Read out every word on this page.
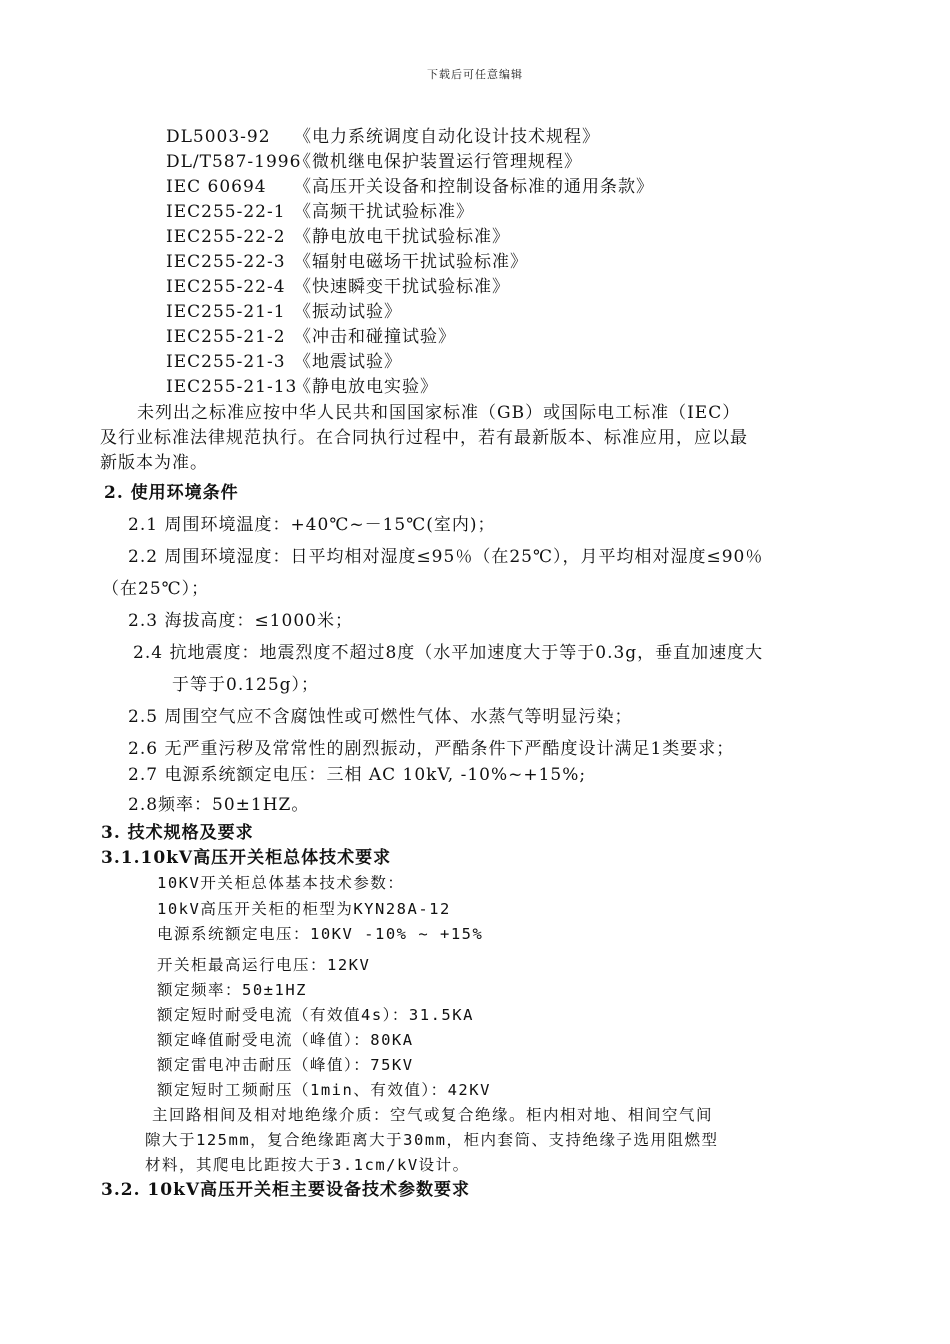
下载后可任意编辑
DL5003-92 《电力系统调度自动化设计技术规程》
DL/T587-1996《微机继电保护装置运行管理规程》
IEC 60694 《高压开关设备和控制设备标准的通用条款》
IEC255-22-1 《高频干扰试验标准》
IEC255-22-2 《静电放电干扰试验标准》
IEC255-22-3 《辐射电磁场干扰试验标准》
IEC255-22-4 《快速瞬变干扰试验标准》
IEC255-21-1 《振动试验》
IEC255-21-2 《冲击和碰撞试验》
IEC255-21-3 《地震试验》
IEC255-21-13《静电放电实验》
未列出之标准应按中华人民共和国国家标准（GB）或国际电工标准（IEC）
及行业标准法律规范执行。在合同执行过程中，若有最新版本、标准应用，应以最
新版本为准。
2. 使用环境条件
2.1 周围环境温度：+40℃~－15℃(室内)；
2.2 周围环境湿度：日平均相对湿度≤95％（在25℃），月平均相对湿度≤90％
（在25℃）；
2.3 海拔高度：≤1000米；
2.4 抗地震度：地震烈度不超过8度（水平加速度大于等于0.3g，垂直加速度大
于等于0.125g）；
2.5 周围空气应不含腐蚀性或可燃性气体、水蒸气等明显污染；
2.6 无严重污秽及常常性的剧烈振动，严酷条件下严酷度设计满足1类要求；
2.7 电源系统额定电压：三相 AC 10kV, -10%~+15%;
2.8频率：50±1HZ。
3. 技术规格及要求
3.1.10kV高压开关柜总体技术要求
10KV开关柜总体基本技术参数：
10kV高压开关柜的柜型为KYN28A-12
电源系统额定电压：10KV -10% ~ +15%
开关柜最高运行电压：12KV
额定频率：50±1HZ
额定短时耐受电流（有效值4s）：31.5KA
额定峰值耐受电流（峰值）：80KA
额定雷电冲击耐压（峰值）：75KV
额定短时工频耐压（1min、有效值）：42KV
主回路相间及相对地绝缘介质：空气或复合绝缘。柜内相对地、相间空气间
隙大于125mm，复合绝缘距离大于30mm，柜内套筒、支持绝缘子选用阻燃型
材料，其爬电比距按大于3.1cm/kV设计。
3.2. 10kV高压开关柜主要设备技术参数要求
